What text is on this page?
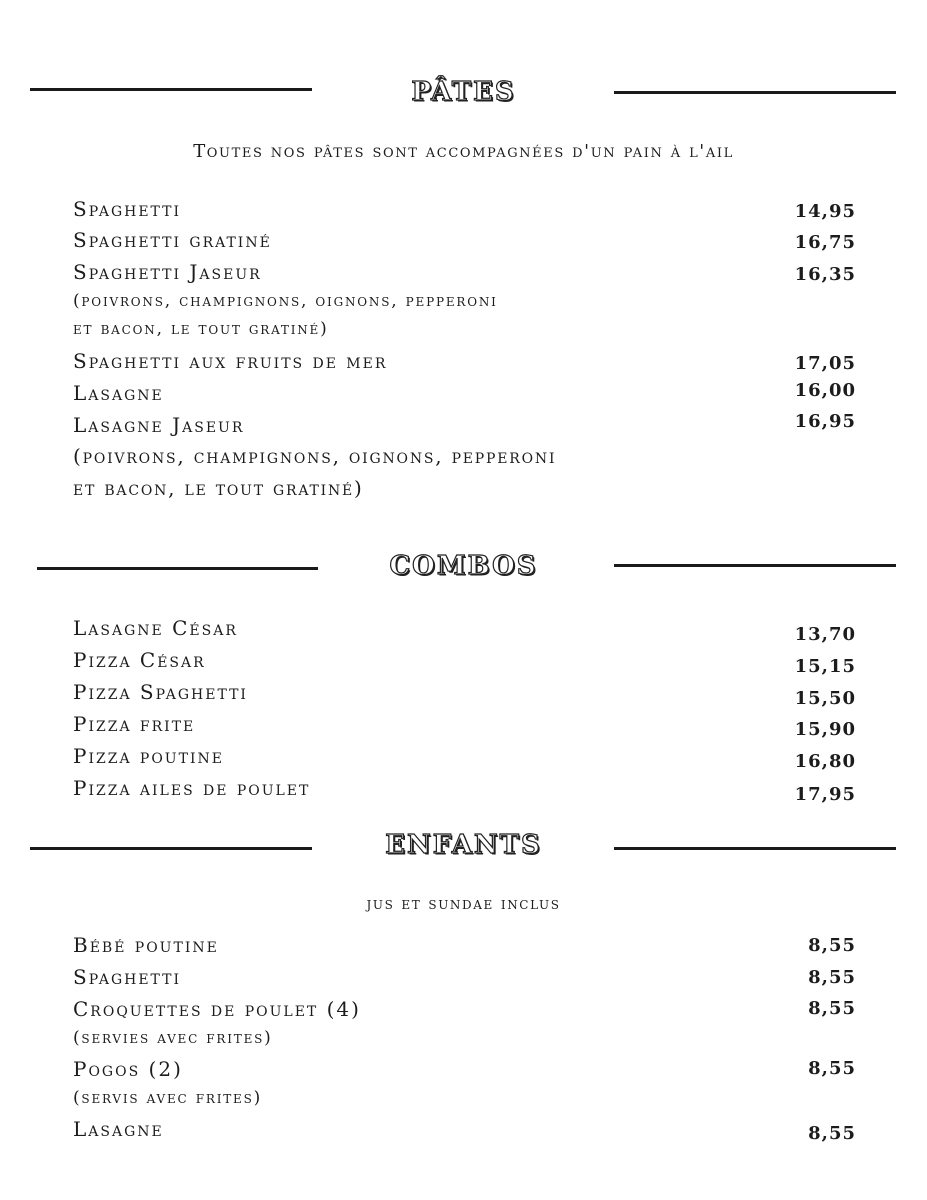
PÂTES
Toutes nos pâtes sont accompagnées d'un pain à l'ail
Spaghetti	14,95
Spaghetti gratiné	16,75
Spaghetti Jaseur	16,35
(poivrons, champignons, oignons, pepperoni
et bacon, le tout gratiné)
Spaghetti aux fruits de mer	17,05
Lasagne	16,00
Lasagne Jaseur	16,95
(poivrons, champignons, oignons, pepperoni
et bacon, le tout gratiné)
COMBOS
Lasagne César	13,70
Pizza César	15,15
Pizza Spaghetti	15,50
Pizza frite	15,90
Pizza poutine	16,80
Pizza ailes de poulet	17,95
ENFANTS
jus et sundae inclus
Bébé poutine	8,55
Spaghetti	8,55
Croquettes de poulet (4)	8,55
(servies avec frites)
Pogos (2)	8,55
(servis avec frites)
Lasagne	8,55
